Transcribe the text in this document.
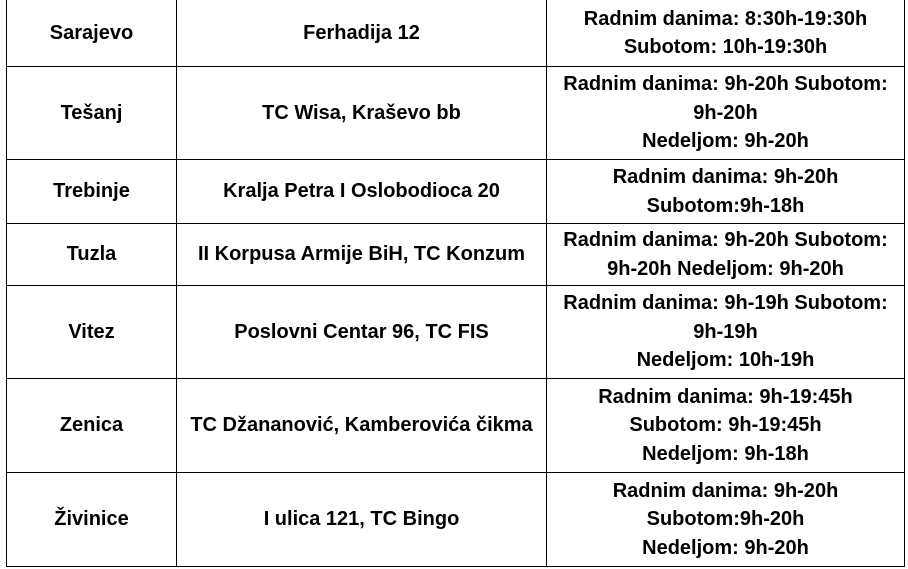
Sarajevo	Ferhadija 12	Radnim danima: 8:30h-19:30h
Subotom: 10h-19:30h

Tešanj	TC Wisa, Kraševo bb	Radnim danima: 9h-20h Subotom:
9h-20h
Nedeljom: 9h-20h

Trebinje	Kralja Petra I Oslobodioca 20	Radnim danima: 9h-20h
Subotom:9h-18h

Tuzla	II Korpusa Armije BiH, TC Konzum	Radnim danima: 9h-20h Subotom:
9h-20h Nedeljom: 9h-20h

Vitez	Poslovni Centar 96, TC FIS	Radnim danima: 9h-19h Subotom:
9h-19h
Nedeljom: 10h-19h

Zenica	TC Džananović, Kamberovića čikma	Radnim danima: 9h-19:45h
Subotom: 9h-19:45h
Nedeljom: 9h-18h

Živinice	I ulica 121, TC Bingo	Radnim danima: 9h-20h
Subotom:9h-20h
Nedeljom: 9h-20h
